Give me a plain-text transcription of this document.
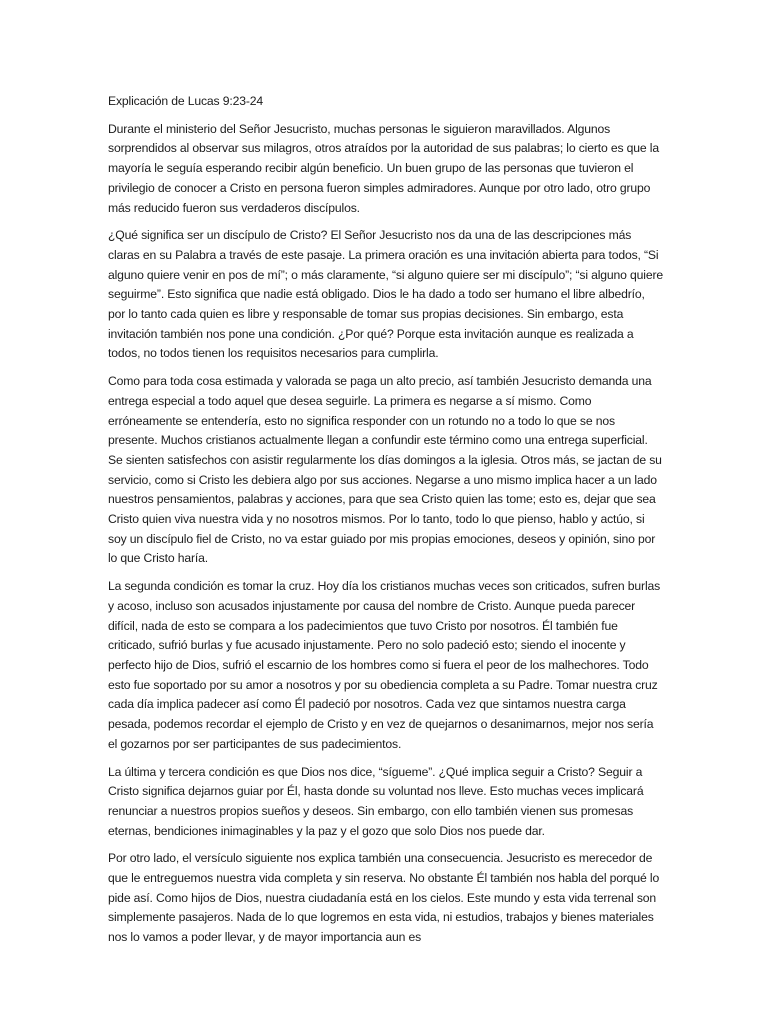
Explicación de Lucas 9:23-24

Durante el ministerio del Señor Jesucristo, muchas personas le siguieron maravillados. Algunos sorprendidos al observar sus milagros, otros atraídos por la autoridad de sus palabras; lo cierto es que la mayoría le seguía esperando recibir algún beneficio. Un buen grupo de las personas que tuvieron el privilegio de conocer a Cristo en persona fueron simples admiradores. Aunque por otro lado, otro grupo más reducido fueron sus verdaderos discípulos.

¿Qué significa ser un discípulo de Cristo? El Señor Jesucristo nos da una de las descripciones más claras en su Palabra a través de este pasaje. La primera oración es una invitación abierta para todos, “Si alguno quiere venir en pos de mí”; o más claramente, “si alguno quiere ser mi discípulo”; “si alguno quiere seguirme”. Esto significa que nadie está obligado. Dios le ha dado a todo ser humano el libre albedrío, por lo tanto cada quien es libre y responsable de tomar sus propias decisiones. Sin embargo, esta invitación también nos pone una condición. ¿Por qué? Porque esta invitación aunque es realizada a todos, no todos tienen los requisitos necesarios para cumplirla.

Como para toda cosa estimada y valorada se paga un alto precio, así también Jesucristo demanda una entrega especial a todo aquel que desea seguirle. La primera es negarse a sí mismo. Como erróneamente se entendería, esto no significa responder con un rotundo no a todo lo que se nos presente. Muchos cristianos actualmente llegan a confundir este término como una entrega superficial. Se sienten satisfechos con asistir regularmente los días domingos a la iglesia. Otros más, se jactan de su servicio, como si Cristo les debiera algo por sus acciones. Negarse a uno mismo implica hacer a un lado nuestros pensamientos, palabras y acciones, para que sea Cristo quien las tome; esto es, dejar que sea Cristo quien viva nuestra vida y no nosotros mismos. Por lo tanto, todo lo que pienso, hablo y actúo, si soy un discípulo fiel de Cristo, no va estar guiado por mis propias emociones, deseos y opinión, sino por lo que Cristo haría.

La segunda condición es tomar la cruz. Hoy día los cristianos muchas veces son criticados, sufren burlas y acoso, incluso son acusados injustamente por causa del nombre de Cristo. Aunque pueda parecer difícil, nada de esto se compara a los padecimientos que tuvo Cristo por nosotros. Él también fue criticado, sufrió burlas y fue acusado injustamente. Pero no solo padeció esto; siendo el inocente y perfecto hijo de Dios, sufrió el escarnio de los hombres como si fuera el peor de los malhechores. Todo esto fue soportado por su amor a nosotros y por su obediencia completa a su Padre. Tomar nuestra cruz cada día implica padecer así como Él padeció por nosotros. Cada vez que sintamos nuestra carga pesada, podemos recordar el ejemplo de Cristo y en vez de quejarnos o desanimarnos, mejor nos sería el gozarnos por ser participantes de sus padecimientos.

La última y tercera condición es que Dios nos dice, “sígueme”. ¿Qué implica seguir a Cristo? Seguir a Cristo significa dejarnos guiar por Él, hasta donde su voluntad nos lleve. Esto muchas veces implicará renunciar a nuestros propios sueños y deseos. Sin embargo, con ello también vienen sus promesas eternas, bendiciones inimaginables y la paz y el gozo que solo Dios nos puede dar.

Por otro lado, el versículo siguiente nos explica también una consecuencia. Jesucristo es merecedor de que le entreguemos nuestra vida completa y sin reserva. No obstante Él también nos habla del porqué lo pide así. Como hijos de Dios, nuestra ciudadanía está en los cielos. Este mundo y esta vida terrenal son simplemente pasajeros. Nada de lo que logremos en esta vida, ni estudios, trabajos y bienes materiales nos lo vamos a poder llevar, y de mayor importancia aun es
